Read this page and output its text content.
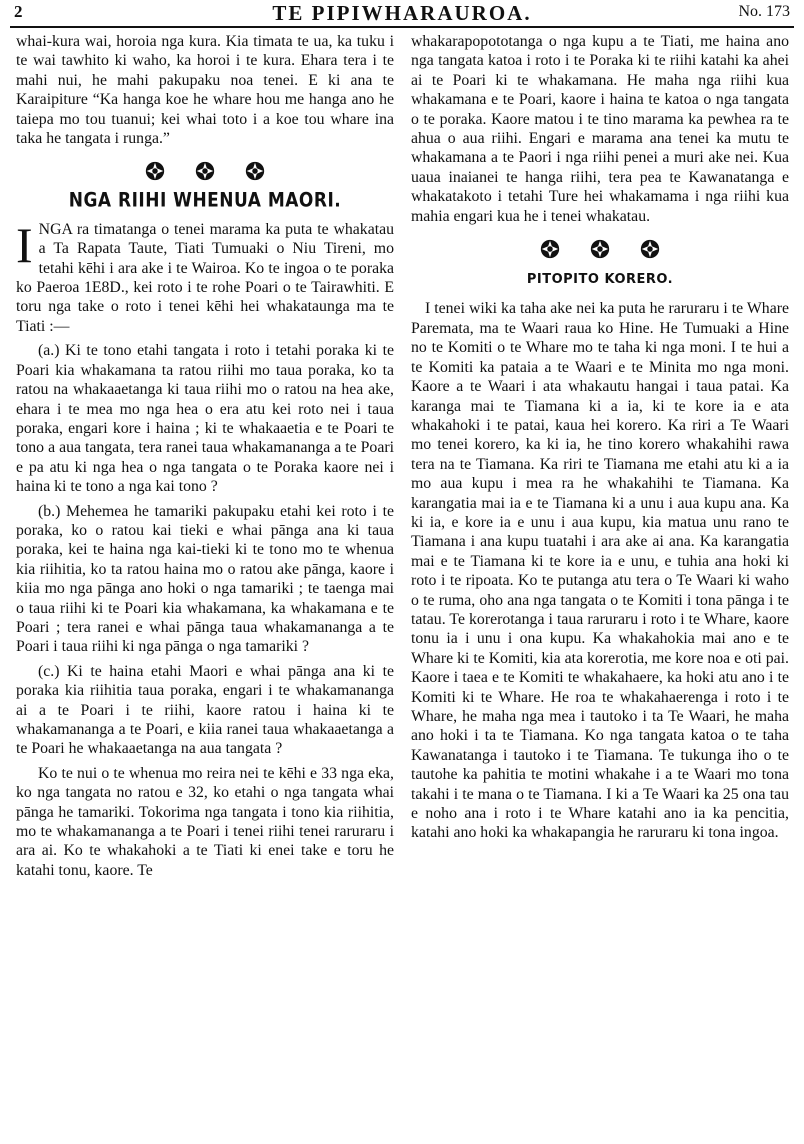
2	TE PIPIWHARAUROA.	No. 173

whai-kura wai, horoia nga kura. Kia timata te ua, ka tuku i te wai tawhito ki waho, ka horoi i te kura. Ehara tera i te mahi nui, he mahi pakupaku noa tenei. E ki ana te Karaipiture “Ka hanga koe he whare hou me hanga ano he taiepa mo tou tuanui; kei whai toto i a koe tou whare ina taka he tangata i runga.”

NGA RIIHI WHENUA MAORI.

INGA ra timatanga o tenei marama ka puta te whakatau a Ta Rapata Taute, Tiati Tumuaki o Niu Tireni, mo tetahi kēhi i ara ake i te Wairoa. Ko te ingoa o te poraka ko Paeroa 1E8D., kei roto i te rohe Poari o te Tairawhiti. E toru nga take o roto i tenei kēhi hei whakataunga ma te Tiati :—

(a.) Ki te tono etahi tangata i roto i tetahi poraka ki te Poari kia whakamana ta ratou riihi mo taua poraka, ko ta ratou na whakaaetanga ki taua riihi mo o ratou na hea ake, ehara i te mea mo nga hea o era atu kei roto nei i taua poraka, engari kore i haina ; ki te whakaaetia e te Poari te tono a aua tangata, tera ranei taua whakamananga a te Poari e pa atu ki nga hea o nga tangata o te Poraka kaore nei i haina ki te tono a nga kai tono ?

(b.) Mehemea he tamariki pakupaku etahi kei roto i te poraka, ko o ratou kai tieki e whai pānga ana ki taua poraka, kei te haina nga kai-tieki ki te tono mo te whenua kia riihitia, ko ta ratou haina mo o ratou ake pānga, kaore i kiia mo nga pānga ano hoki o nga tamariki ; te taenga mai o taua riihi ki te Poari kia whakamana, ka whakamana e te Poari ; tera ranei e whai pānga taua whakamananga a te Poari i taua riihi ki nga pānga o nga tamariki ?

(c.) Ki te haina etahi Maori e whai pānga ana ki te poraka kia riihitia taua poraka, engari i te whakamananga ai a te Poari i te riihi, kaore ratou i haina ki te whakamananga a te Poari, e kiia ranei taua whakaaetanga a te Poari he whakaaetanga na aua tangata ?

Ko te nui o te whenua mo reira nei te kēhi e 33 nga eka, ko nga tangata no ratou e 32, ko etahi o nga tangata whai pānga he tamariki. Tokorima nga tangata i tono kia riihitia, mo te whakamananga a te Poari i tenei riihi tenei raruraru i ara ai. Ko te whakahoki a te Tiati ki enei take e toru he katahi tonu, kaore. Te

whakarapopototanga o nga kupu a te Tiati, me haina ano nga tangata katoa i roto i te Poraka ki te riihi katahi ka ahei ai te Poari ki te whakamana. He maha nga riihi kua whakamana e te Poari, kaore i haina te katoa o nga tangata o te poraka. Kaore matou i te tino marama ka pewhea ra te ahua o aua riihi. Engari e marama ana tenei ka mutu te whakamana a te Paori i nga riihi penei a muri ake nei. Kua uaua inaianei te hanga riihi, tera pea te Kawanatanga e whakatakoto i tetahi Ture hei whakamama i nga riihi kua mahia engari kua he i tenei whakatau.

PITOPITO KORERO.

I tenei wiki ka taha ake nei ka puta he raruraru i te Whare Paremata, ma te Waari raua ko Hine. He Tumuaki a Hine no te Komiti o te Whare mo te taha ki nga moni. I te hui a te Komiti ka pataia a te Waari e te Minita mo nga moni. Kaore a te Waari i ata whakautu hangai i taua patai. Ka karanga mai te Tiamana ki a ia, ki te kore ia e ata whakahoki i te patai, kaua hei korero. Ka riri a Te Waari mo tenei korero, ka ki ia, he tino korero whakahihi rawa tera na te Tiamana. Ka riri te Tiamana me etahi atu ki a ia mo aua kupu i mea ra he whakahihi te Tiamana. Ka karangatia mai ia e te Tiamana ki a unu i aua kupu ana. Ka ki ia, e kore ia e unu i aua kupu, kia matua unu rano te Tiamana i ana kupu tuatahi i ara ake ai ana. Ka karangatia mai e te Tiamana ki te kore ia e unu, e tuhia ana hoki ki roto i te ripoata. Ko te putanga atu tera o Te Waari ki waho o te ruma, oho ana nga tangata o te Komiti i tona pānga i te tatau. Te korerotanga i taua raruraru i roto i te Whare, kaore tonu ia i unu i ona kupu. Ka whakahokia mai ano e te Whare ki te Komiti, kia ata korerotia, me kore noa e oti pai. Kaore i taea e te Komiti te whakahaere, ka hoki atu ano i te Komiti ki te Whare. He roa te whakahaerenga i roto i te Whare, he maha nga mea i tautoko i ta Te Waari, he maha ano hoki i ta te Tiamana. Ko nga tangata katoa o te taha Kawanatanga i tautoko i te Tiamana. Te tukunga iho o te tautohe ka pahitia te motini whakahe i a te Waari mo tona takahi i te mana o te Tiamana. I ki a Te Waari ka 25 ona tau e noho ana i roto i te Whare katahi ano ia ka pencitia, katahi ano hoki ka whakapangia he raruraru ki tona ingoa.
